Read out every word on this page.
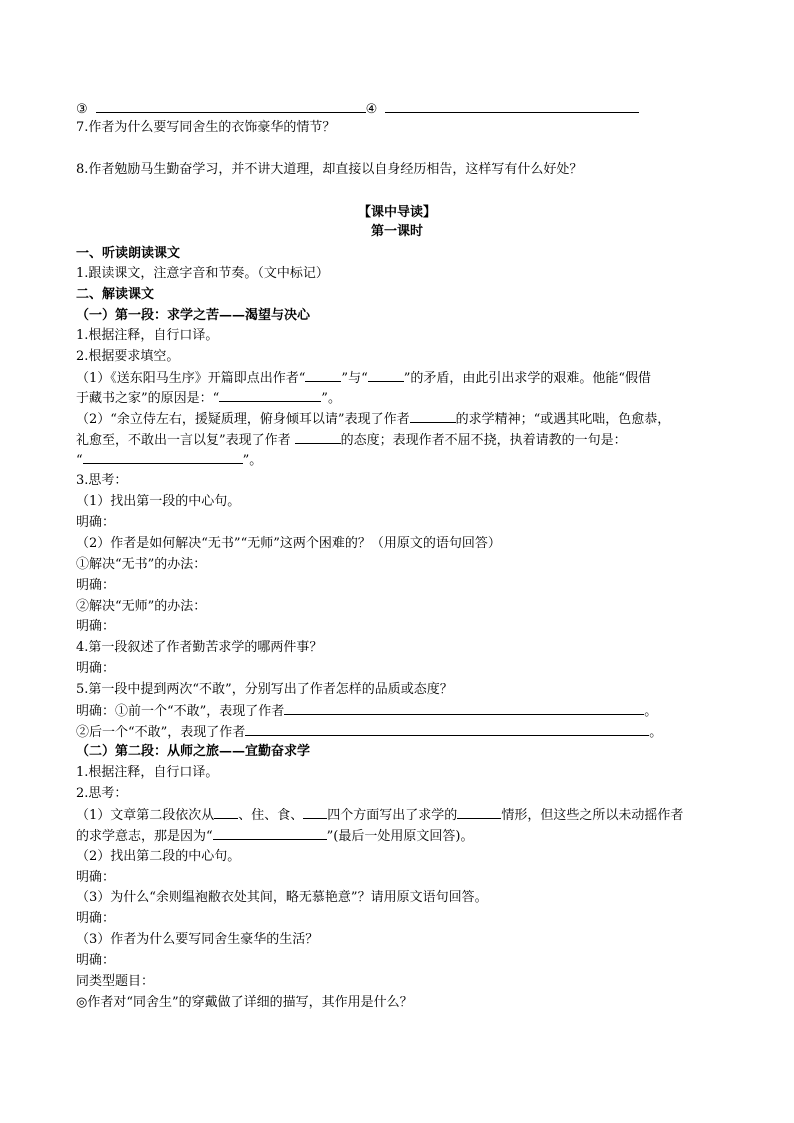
③	④
7.作者为什么要写同舍生的衣饰豪华的情节？
8.作者勉励马生勤奋学习，并不讲大道理，却直接以自身经历相告，这样写有什么好处？
【课中导读】
第一课时
一、听读朗读课文
1.跟读课文，注意字音和节奏。（文中标记）
二、解读课文
（一）第一段：求学之苦——渴望与决心
1.根据注释，自行口译。
2.根据要求填空。
（1）《送东阳马生序》开篇即点出作者“	”与“	”的矛盾，由此引出求学的艰难。他能“假借
于藏书之家”的原因是：“	”。
（2）“余立侍左右，援疑质理，俯身倾耳以请”表现了作者	的求学精神；“或遇其叱咄，色愈恭，
礼愈至，不敢出一言以复”表现了作者	的态度；表现作者不屈不挠，执着请教的一句是：
“	”。
3.思考：
（1）找出第一段的中心句。
明确：
（2）作者是如何解决“无书”“无师”这两个困难的？（用原文的语句回答）
①解决“无书”的办法：
明确：
②解决“无师”的办法：
明确：
4.第一段叙述了作者勤苦求学的哪两件事？
明确：
5.第一段中提到两次“不敢”，分别写出了作者怎样的品质或态度？
明确：①前一个“不敢”，表现了作者	。
②后一个“不敢”，表现了作者	。
（二）第二段：从师之旅——宜勤奋求学
1.根据注释，自行口译。
2.思考：
（1）文章第二段依次从 、住、食、 四个方面写出了求学的	情形，但这些之所以未动摇作者
的求学意志，那是因为“	”(最后一处用原文回答)。
（2）找出第二段的中心句。
明确：
（3）为什么“余则缊袍敝衣处其间，略无慕艳意”？请用原文语句回答。
明确：
（3）作者为什么要写同舍生豪华的生活？
明确：
同类型题目：
◎作者对“同舍生”的穿戴做了详细的描写，其作用是什么？
